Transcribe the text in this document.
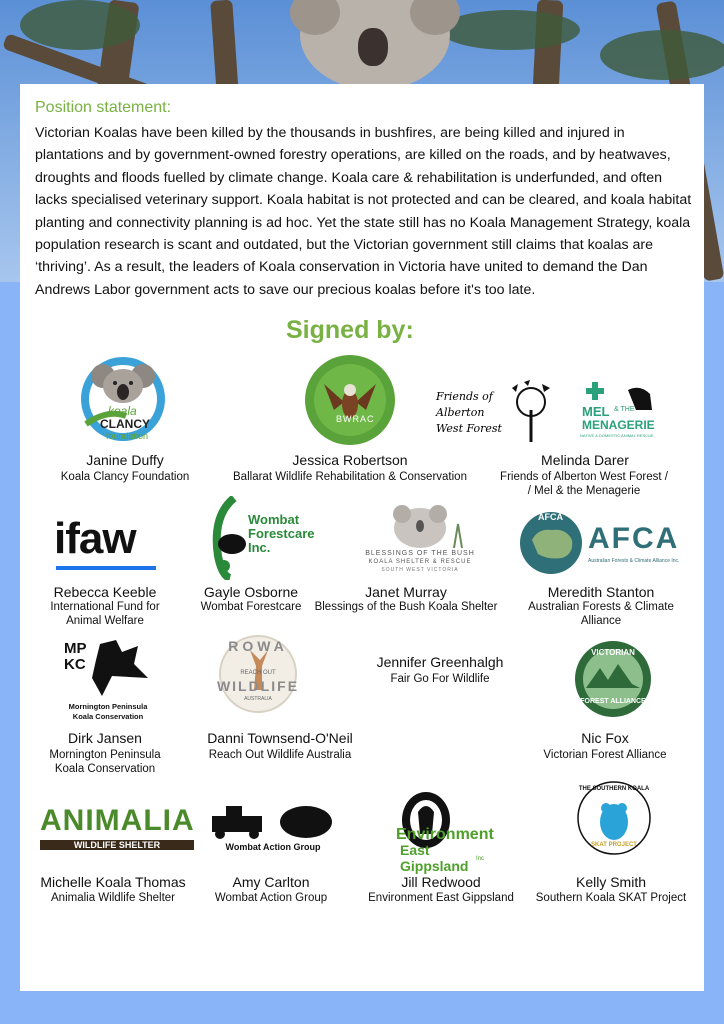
Position statement:
Victorian Koalas have been killed by the thousands in bushfires, are being killed and injured in plantations and by government-owned forestry operations, are killed on the roads, and by heatwaves, droughts and floods fuelled by climate change. Koala care & rehabilitation is underfunded, and often lacks specialised veterinary support. Koala habitat is not protected and can be cleared, and koala habitat planting and connectivity planning is ad hoc. Yet the state still has no Koala Management Strategy, koala population research is scant and outdated, but the Victorian government still claims that koalas are ‘thriving’. As a result, the leaders of Koala conservation in Victoria have united to demand the Dan Andrews Labor government acts to save our precious koalas before it's too late.
Signed by:
koala
CLANCY
foundation
BWRAC
Friends of
Alberton
West Forest
MEL & THE
MENAGERIE
NATIVE & DOMESTIC ANIMAL RESCUE
Janine Duffy
Koala Clancy Foundation
Jessica Robertson
Ballarat Wildlife Rehabilitation & Conservation
Melinda Darer
Friends of Alberton West Forest /
/ Mel & the Menagerie
ifaw	Wombat
Forestcare
Inc.	BLESSINGS OF THE BUSH
KOALA SHELTER & RESCUE
SOUTH WEST VICTORIA
AFCA
AFCA
Australian Forests & Climate Alliance Inc.
Rebecca Keeble
International Fund for
Animal Welfare
Gayle Osborne
Wombat Forestcare
Janet Murray
Blessings of the Bush Koala Shelter
Meredith Stanton
Australian Forests & Climate
Alliance
MP
KC
Mornington Peninsula
Koala Conservation
ROWA
REACH OUT
WILDLIFE
AUSTRALIA
VICTORIAN
FOREST ALLIANCE
Jennifer Greenhalgh
Fair Go For Wildlife
Dirk Jansen
Mornington Peninsula
Koala Conservation
Danni Townsend-O'Neil
Reach Out Wildlife Australia
Nic Fox
Victorian Forest Alliance
ANIMALIA
WILDLIFE SHELTER	Wombat Action Group
Environment
East Gippsland	Inc
THE SOUTHERN KOALA
SKAT PROJECT
Michelle Koala Thomas
Animalia Wildlife Shelter
Amy Carlton
Wombat Action Group
Jill Redwood
Environment East Gippsland
Kelly Smith
Southern Koala SKAT Project
